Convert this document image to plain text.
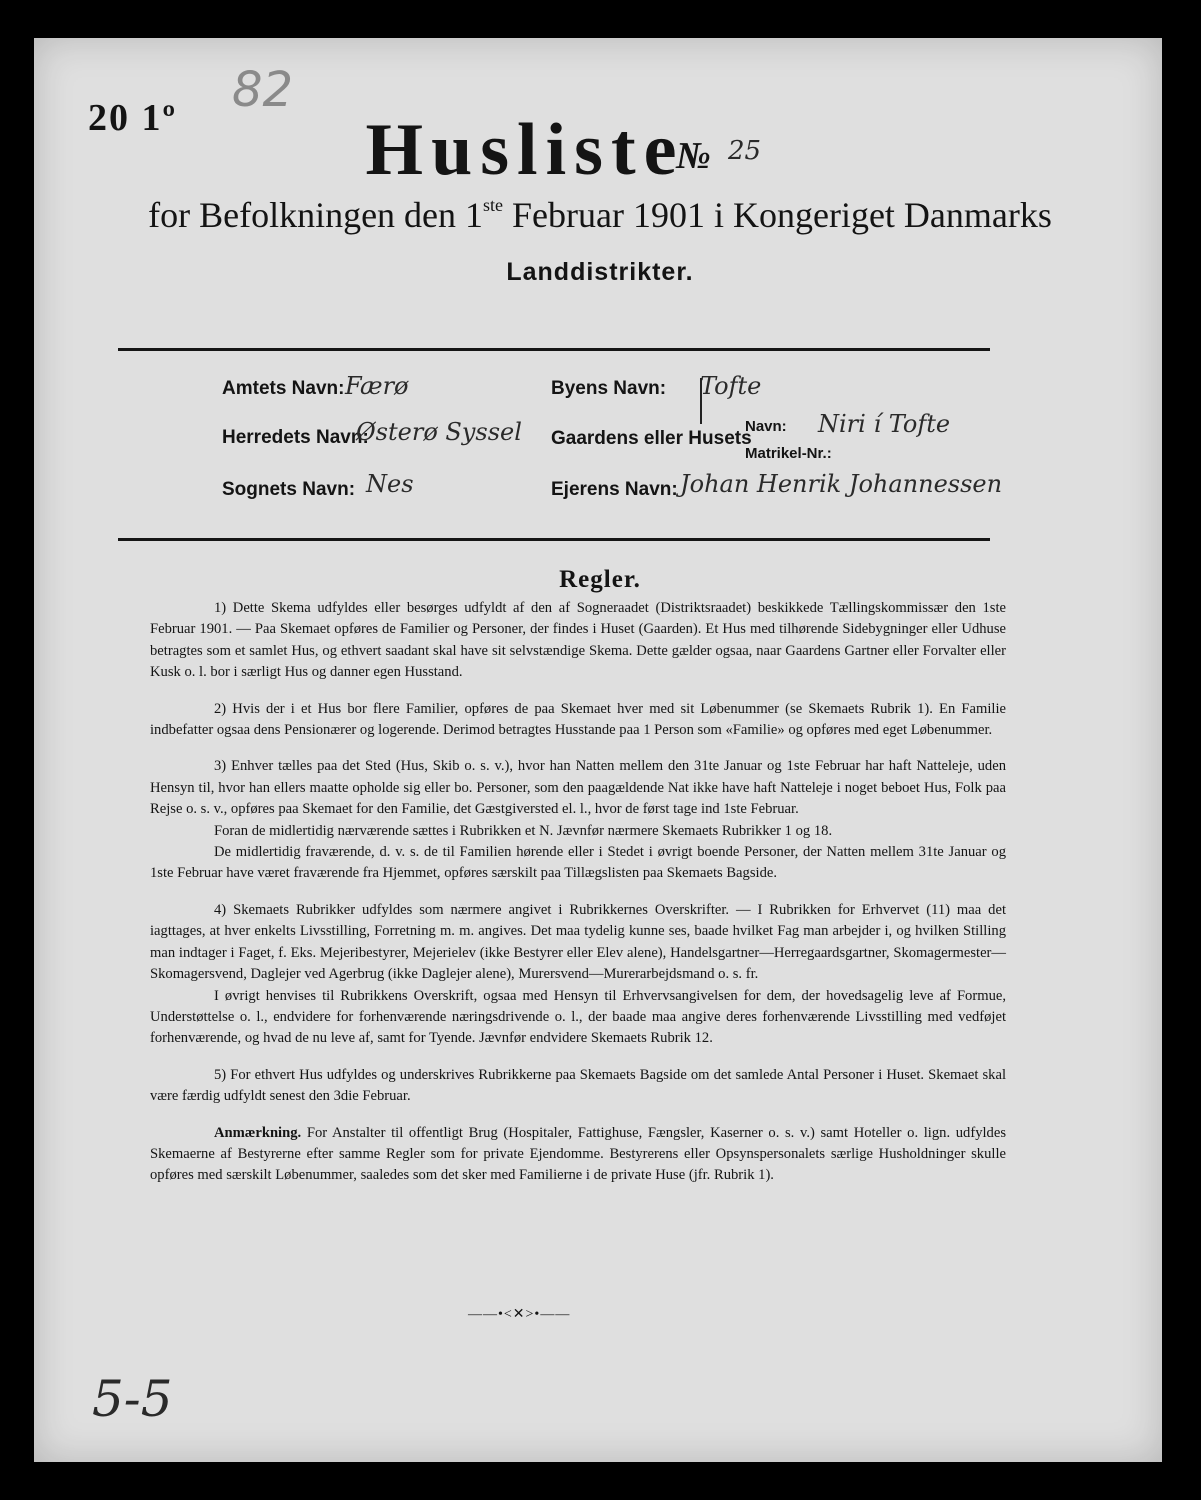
20 1º 82
Husliste
№ 25
for Befolkningen den 1ste Februar 1901 i Kongeriget Danmarks
Landdistrikter.
Amtets Navn: Færø
Herredets Navn:
Østerø Syssel
Sognets Navn: Nes
Byens Navn: Tofte
Gaardens eller Husets
Navn: Niri í Tofte
Matrikel-Nr.:
Ejerens Navn: Johan Henrik Johannessen
Regler.

1) Dette Skema udfyldes eller besørges udfyldt af den af Sogneraadet (Distriktsraadet) beskikkede Tællingskommissær den 1ste Februar 1901. — Paa Skemaet opføres de Familier og Personer, der findes i Huset (Gaarden). Et Hus med tilhørende Sidebygninger eller Udhuse betragtes som et samlet Hus, og ethvert saadant skal have sit selvstændige Skema. Dette gælder ogsaa, naar Gaardens Gartner eller Forvalter eller Kusk o. l. bor i særligt Hus og danner egen Husstand.

2) Hvis der i et Hus bor flere Familier, opføres de paa Skemaet hver med sit Løbenummer (se Skemaets Rubrik 1). En Familie indbefatter ogsaa dens Pensionærer og logerende. Derimod betragtes Husstande paa 1 Person som «Familie» og opføres med eget Løbenummer.

3) Enhver tælles paa det Sted (Hus, Skib o. s. v.), hvor han Natten mellem den 31te Januar og 1ste Februar har haft Natteleje, uden Hensyn til, hvor han ellers maatte opholde sig eller bo. Personer, som den paagældende Nat ikke have haft Natteleje i noget beboet Hus, Folk paa Rejse o. s. v., opføres paa Skemaet for den Familie, det Gæstgiversted el. l., hvor de først tage ind 1ste Februar.

Foran de midlertidig nærværende sættes i Rubrikken et N. Jævnfør nærmere Skemaets Rubrikker 1 og 18.

De midlertidig fraværende, d. v. s. de til Familien hørende eller i Stedet i øvrigt boende Personer, der Natten mellem 31te Januar og 1ste Februar have været fraværende fra Hjemmet, opføres særskilt paa Tillægslisten paa Skemaets Bagside.

4) Skemaets Rubrikker udfyldes som nærmere angivet i Rubrikkernes Overskrifter. — I Rubrikken for Erhvervet (11) maa det iagttages, at hver enkelts Livsstilling, Forretning m. m. angives. Det maa tydelig kunne ses, baade hvilket Fag man arbejder i, og hvilken Stilling man indtager i Faget, f. Eks. Mejeribestyrer, Mejerielev (ikke Bestyrer eller Elev alene), Handelsgartner—Herregaardsgartner, Skomagermester—Skomagersvend, Daglejer ved Agerbrug (ikke Daglejer alene), Murersvend—Murerarbejdsmand o. s. fr.

I øvrigt henvises til Rubrikkens Overskrift, ogsaa med Hensyn til Erhvervsangivelsen for dem, der hovedsagelig leve af Formue, Understøttelse o. l., endvidere for forhenværende næringsdrivende o. l., der baade maa angive deres forhenværende Livsstilling med vedføjet forhenværende, og hvad de nu leve af, samt for Tyende. Jævnfør endvidere Skemaets Rubrik 12.

5) For ethvert Hus udfyldes og underskrives Rubrikkerne paa Skemaets Bagside om det samlede Antal Personer i Huset. Skemaet skal være færdig udfyldt senest den 3die Februar.

Anmærkning. For Anstalter til offentligt Brug (Hospitaler, Fattighuse, Fængsler, Kaserner o. s. v.) samt Hoteller o. lign. udfyldes Skemaerne af Bestyrerne efter samme Regler som for private Ejendomme. Bestyrerens eller Opsynspersonalets særlige Husholdninger skulle opføres med særskilt Løbenummer, saaledes som det sker med Familierne i de private Huse (jfr. Rubrik 1).

——•<✕>•——
5-5
